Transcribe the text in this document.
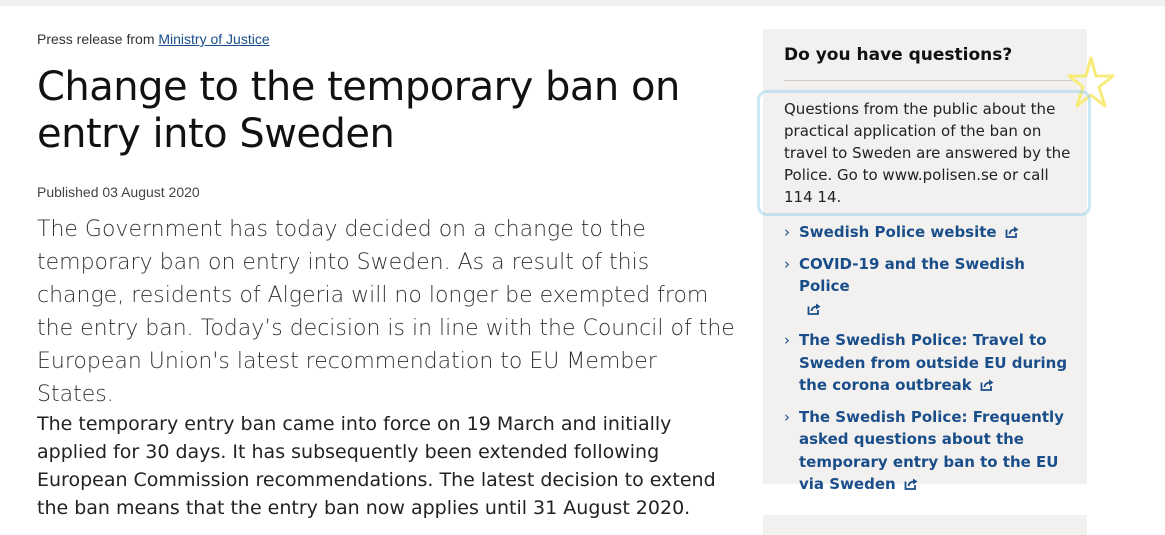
Press release from Ministry of Justice
Change to the temporary ban on entry into Sweden
Published 03 August 2020

The Government has today decided on a change to the temporary ban on entry into Sweden. As a result of this change, residents of Algeria will no longer be exempted from the entry ban. Today’s decision is in line with the Council of the European Union's latest recommendation to EU Member States.

The temporary entry ban came into force on 19 March and initially applied for 30 days. It has subsequently been extended following European Commission recommendations. The latest decision to extend the ban means that the entry ban now applies until 31 August 2020.

Do you have questions?

Questions from the public about the practical application of the ban on travel to Sweden are answered by the Police. Go to www.polisen.se or call 114 14.

› Swedish Police website
› COVID-19 and the Swedish Police

› The Swedish Police: Travel to Sweden from outside EU during the corona outbreak
› The Swedish Police: Frequently asked questions about the temporary entry ban to the EU via Sweden
